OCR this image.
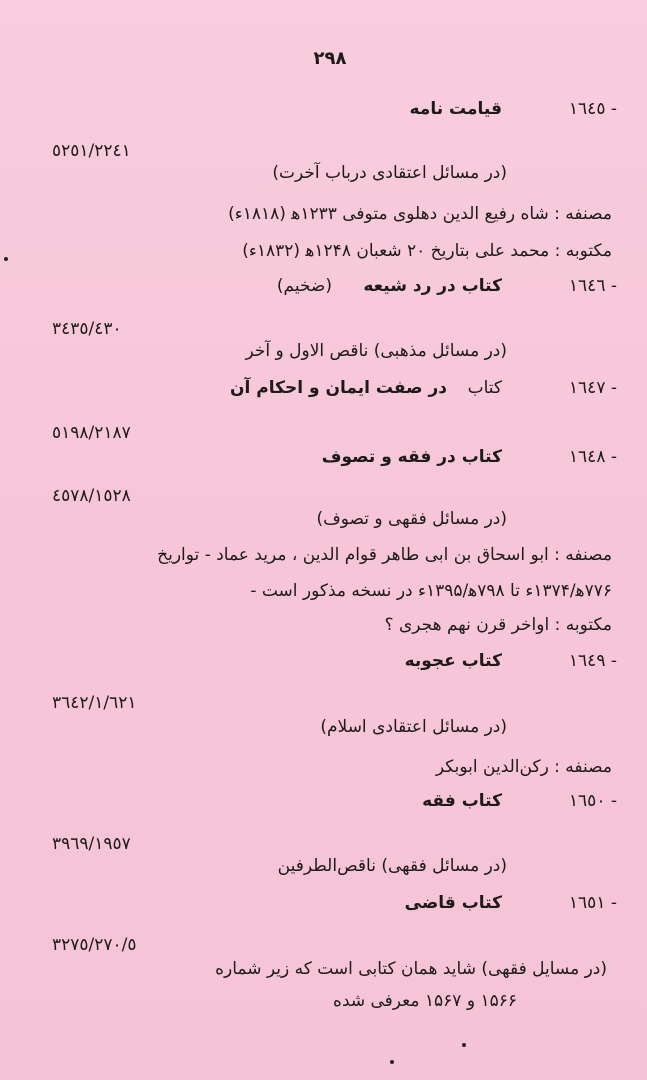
٢٩٨
١٦٤٥ -
قیامت نامه
٥٢٥١/٢٢٤١
(در مسائل اعتقادی درباب آخرت)
مصنفه : شاه رفیع الدین دهلوی متوفی ۱۲۳۳ﻫ (۱۸۱۸ء)
مکتوبه : محمد علی بتاریخ ۲۰ شعبان ۱۲۴۸ﻫ (۱۸۳۲ء)
١٦٤٦ -
کتاب در رد شیعه
(ضخیم)
٣٤٣٥/٤٣٠
(در مسائل مذهبی) ناقص الاول و آخر
١٦٤٧ -
کتاب
در صفت ایمان و احکام آن
٥١٩٨/٢١٨٧
١٦٤٨ -
کتاب در فقه و تصوف
٤٥٧٨/١٥٢٨
(در مسائل فقهی و تصوف)
مصنفه : ابو اسحاق بن ابی طاهر قوام الدین ، مرید عماد - تواریخ
۷۷۶ﻫ/۱۳۷۴ء تا ۷۹۸ﻫ/۱۳۹۵ء در نسخه مذکور است -
مکتوبه : اواخر قرن نهم هجری ؟
١٦٤٩ -
کتاب عجوبه
٣٦٤٢/١/٦٢١
(در مسائل اعتقادی اسلام)
مصنفه : رکن‌الدین ابوبکر
١٦٥٠ -
کتاب فقه
٣٩٦٩/١٩٥٧
(در مسائل فقهی) ناقص‌الطرفین
١٦٥١ -
کتاب قاضی
٣٢٧٥/٢٧٠/٥
(در مسایل فقهی) شاید همان کتابی است که زیر شماره
۱۵۶۶ و ۱۵۶۷ معرفی شده
